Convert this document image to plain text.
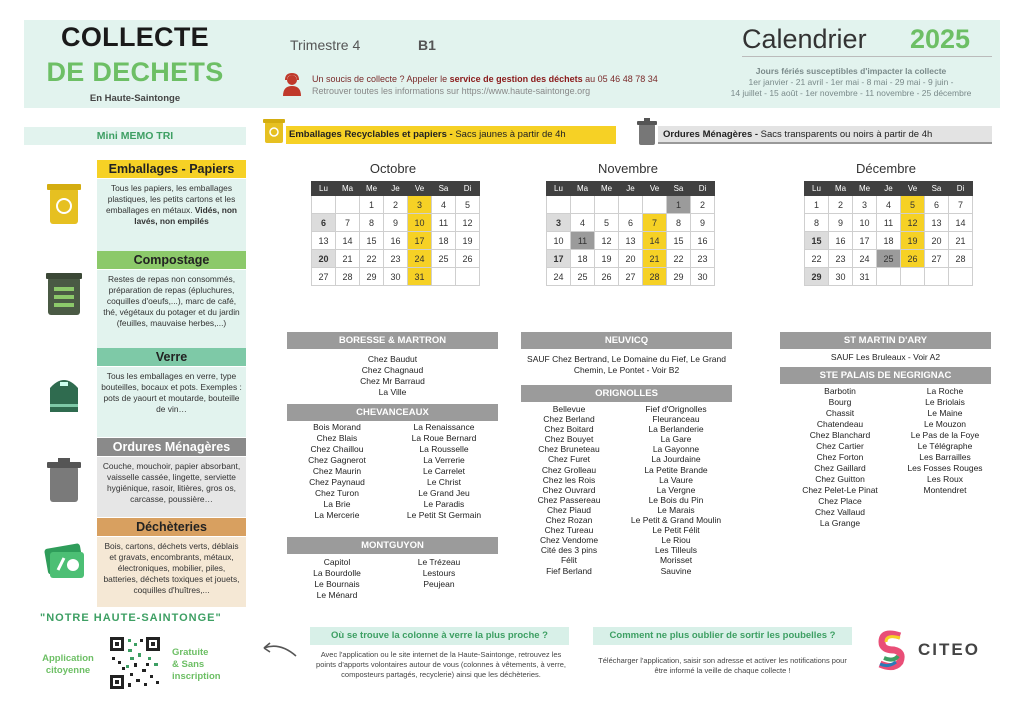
COLLECTE
DE DECHETS
En Haute-Saintonge
Trimestre 4	B1
Un soucis de collecte ? Appeler le service de gestion des déchets au 05 46 48 78 34
Retrouver toutes les informations sur https://www.haute-saintonge.org
Calendrier 2025
Jours fériés susceptibles d'impacter la collecte
1er janvier - 21 avril - 1er mai - 8 mai - 29 mai - 9 juin -
14 juillet - 15 août - 1er novembre - 11 novembre - 25 décembre
Mini MEMO TRI
Emballages - Papiers
Tous les papiers, les emballages plastiques, les petits cartons et les emballages en métaux. Vidés, non lavés, non empilés
Compostage
Restes de repas non consommés, préparation de repas (épluchures, coquilles d'oeufs,...), marc de café, thé, végétaux du potager et du jardin (feuilles, mauvaise herbes,...)
Verre
Tous les emballages en verre, type bouteilles, bocaux et pots. Exemples : pots de yaourt et moutarde, bouteille de vin…
Ordures Ménagères
Couche, mouchoir, papier absorbant, vaisselle cassée, lingette, serviette hygiénique, rasoir, litières, gros os, carcasse, poussière…
Déchèteries
Bois, cartons, déchets verts, déblais et gravats, encombrants, métaux, électroniques, mobilier, piles, batteries, déchets toxiques et jouets, coquilles d'huîtres,...
Emballages Recyclables et papiers - Sacs jaunes à partir de 4h	Ordures Ménagères - Sacs transparents ou noirs à partir de 4h
Octobre
Lu	Ma	Me	Je	Ve	Sa	Di
		1	2	3	4	5
6	7	8	9	10	11	12
13	14	15	16	17	18	19
20	21	22	23	24	25	26
27	28	29	30	31		
Novembre
Lu	Ma	Me	Je	Ve	Sa	Di
					1	2
3	4	5	6	7	8	9
10	11	12	13	14	15	16
17	18	19	20	21	22	23
24	25	26	27	28	29	30
Décembre
Lu	Ma	Me	Je	Ve	Sa	Di
1	2	3	4	5	6	7
8	9	10	11	12	13	14
15	16	17	18	19	20	21
22	23	24	25	26	27	28
29	30	31				
BORESSE & MARTRON
Chez Baudut
Chez Chagnaud
Chez Mr Barraud
La Ville
CHEVANCEAUX
Bois Morand
Chez Blais
Chez Chaillou
Chez Gagnerot
Chez Maurin
Chez Paynaud
Chez Turon
La Brie
La Mercerie
La Renaissance
La Roue Bernard
La Rousselle
La Verrerie
Le Carrelet
Le Christ
Le Grand Jeu
Le Paradis
Le Petit St Germain
MONTGUYON
Capitol
La Bourdolle
Le Bournais
Le Ménard
Le Trézeau
Lestours
Peujean
NEUVICQ
SAUF Chez Bertrand, Le Domaine du Fief, Le Grand Chemin, Le Pontet - Voir B2
ORIGNOLLES
Bellevue
Chez Berland
Chez Boitard
Chez Bouyet
Chez Bruneteau
Chez Furet
Chez Grolleau
Chez les Rois
Chez Ouvrard
Chez Passereau
Chez Piaud
Chez Rozan
Chez Tureau
Chez Vendome
Cité des 3 pins
Félit
Fief Berland
Fief d'Orignolles
Fleuranceau
La Berlanderie
La Gare
La Gayonne
La Jourdaine
La Petite Brande
La Vaure
La Vergne
Le Bois du Pin
Le Marais
Le Petit & Grand Moulin
Le Petit Félit
Le Riou
Les Tilleuls
Morisset
Sauvine
ST MARTIN D'ARY
SAUF Les Bruleaux - Voir A2
STE PALAIS DE NEGRIGNAC
Barbotin
Bourg
Chassit
Chatendeau
Chez Blanchard
Chez Cartier
Chez Forton
Chez Gaillard
Chez Guitton
Chez Pelet-Le Pinat
Chez Place
Chez Vallaud
La Grange
La Roche
Le Briolais
Le Maine
Le Mouzon
Le Pas de la Foye
Le Télégraphe
Les Barrailles
Les Fosses Rouges
Les Roux
Montendret
"NOTRE HAUTE-SAINTONGE"
Application
citoyenne
Gratuite
& Sans
inscription
Où se trouve la colonne à verre la plus proche ?
Avec l'application ou le site internet de la Haute-Saintonge, retrouvez les points d'apports volontaires autour de vous (colonnes à vêtements, à verre, composteurs partagés, recyclerie) ainsi que les déchèteries.
Comment ne plus oublier de sortir les poubelles ?
Télécharger l'application, saisir son adresse et activer les notifications pour être informé la veille de chaque collecte !
CITEO
